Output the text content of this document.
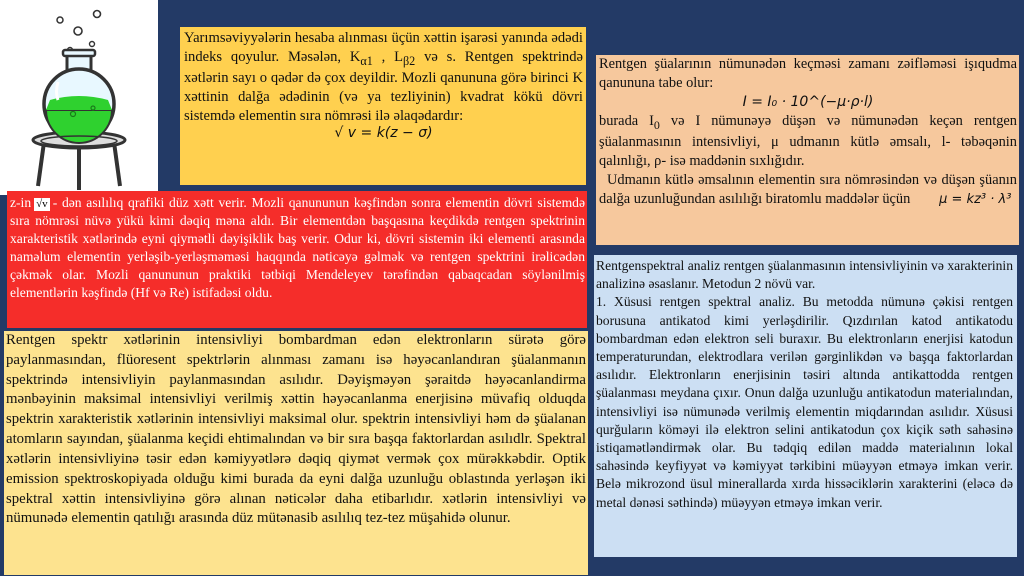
Yarımsəviyyələrin hesaba alınması üçün xəttin işarəsi yanında ədədi indeks qoyulur. Məsələn, $K_{\alpha 1}$ , $L_{\beta 2}$ və s. Rentgen spektrində xətlərin sayı o qədər də çox deyildir. Mozli qanununa görə birinci K xəttinin dalğa ədədinin (və ya tezliyinin) kvadrat kökü dövri sistemdə elementin sıra nömrəsi ilə əlaqədardır:

√ v = k(z − σ)

z-in √v - dən asılılıq qrafiki düz xətt verir. Mozli qanununun kəşfindən sonra elementin dövri sistemdə sıra nömrəsi nüvə yükü kimi dəqiq məna aldı. Bir elementdən başqasına keçdikdə rentgen spektrinin xarakteristik xətlərində eyni qiymətli dəyişiklik baş verir. Odur ki, dövri sistemin iki elementi arasında naməlum elementin yerləşib-yerləşməməsi haqqında nəticəyə gəlmək və rentgen spektrini irəlicədən çəkmək olar. Mozli qanununun praktiki tətbiqi Mendeleyev tərəfindən qabaqcadan söylənilmiş elementlərin kəşfində (Hf və Re) istifadəsi oldu.

Rentgen spektr xətlərinin intensivliyi bombardman edən elektronların sürətə görə paylanmasından, flüoresent spektrlərin alınması zamanı isə həyəcanlandıran şüalanmanın spektrində intensivliyin paylanmasından asılıdır. Dəyişməyən şəraitdə həyəcanlandirma mənbəyinin maksimal intensivliyi verilmiş xəttin həyəcanlanma enerjisinə müvafiq olduqda spektrin xarakteristik xətlərinin intensivliyi maksimal olur. spektrin intensivliyi həm də şüalanan atomların sayından, şüalanma keçidi ehtimalından və bir sıra başqa faktorlardan asılıdlr. Spektral xətlərin intensivliyinə təsir edən kəmiyyətlərə dəqiq qiymət vermək çox mürəkkəbdir. Optik emission spektroskopiyada olduğu kimi burada da eyni dalğa uzunluğu oblastında yerləşən iki spektral xəttin intensivliyinə görə alınan nəticələr daha etibarlıdır. xətlərin intensivliyi və nümunədə elementin qatılığı arasında düz mütənasib asılılıq tez-tez müşahidə olunur.

Rentgen şüalarının nümunədən keçməsi zamanı zəifləməsi işıqudma qanununa tabe olur:

I = I₀ · 10^(−μ·ρ·l)

burada $I_0$ və I nümunəyə düşən və nümunədən keçən rentgen şüalanmasının intensivliyi, μ udmanın kütlə əmsalı, l- təbəqənin qalınlığı, ρ- isə maddənin sıxlığıdır.

Udmanın kütlə əmsalının elementin sıra nömrəsindən və düşən şüanın dalğa uzunluğundan asılılığı biratomlu maddələr üçün μ = kz³ · λ³

Rentgenspektral analiz rentgen şüalanmasının intensivliyinin və xarakterinin analizinə əsaslanır. Metodun 2 növü var.

1. Xüsusi rentgen spektral analiz. Bu metodda nümunə çəkisi rentgen borusuna antikatod kimi yerləşdirilir. Qızdırılan katod antikatodu bombardman edən elektron seli buraxır. Bu elektronların enerjisi katodun temperaturundan, elektrodlara verilən gərginlikdən və başqa faktorlardan asılıdır. Elektronların enerjisinin təsiri altında antikattodda rentgen şüalanması meydana çıxır. Onun dalğa uzunluğu antikatodun materialından, intensivliyi isə nümunədə verilmiş elementin miqdarından asılıdır. Xüsusi qurğuların köməyi ilə elektron selini antikatodun çox kiçik səth sahəsinə istiqamətləndirmək olar. Bu tədqiq edilən maddə materialının lokal sahəsində keyfiyyət və kəmiyyət tərkibini müəyyən etməyə imkan verir. Belə mikrozond üsul minerallarda xırda hissəciklərin xarakterini (eləcə də metal dənəsi səthində) müəyyən etməyə imkan verir.
